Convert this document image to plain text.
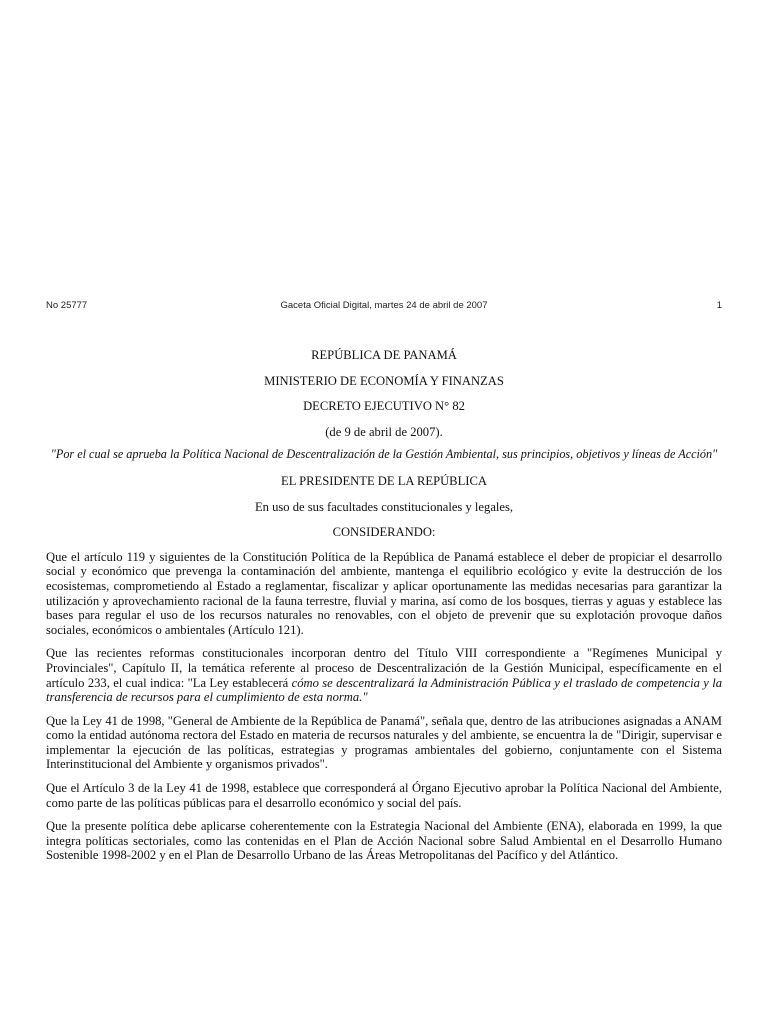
No 25777	Gaceta Oficial Digital, martes 24 de abril de 2007	1

REPÚBLICA DE PANAMÁ

MINISTERIO DE ECONOMÍA Y FINANZAS

DECRETO EJECUTIVO N° 82

(de 9 de abril de 2007).

"Por el cual se aprueba la Política Nacional de Descentralización de la Gestión Ambiental, sus principios, objetivos y líneas de Acción"

EL PRESIDENTE DE LA REPÚBLICA

En uso de sus facultades constitucionales y legales,

CONSIDERANDO:

Que el artículo 119 y siguientes de la Constitución Política de la República de Panamá establece el deber de propiciar el desarrollo social y económico que prevenga la contaminación del ambiente, mantenga el equilibrio ecológico y evite la destrucción de los ecosistemas, comprometiendo al Estado a reglamentar, fiscalizar y aplicar oportunamente las medidas necesarias para garantizar la utilización y aprovechamiento racional de la fauna terrestre, fluvial y marina, así como de los bosques, tierras y aguas y establece las bases para regular el uso de los recursos naturales no renovables, con el objeto de prevenir que su explotación provoque daños sociales, económicos o ambientales (Artículo 121).

Que las recientes reformas constitucionales incorporan dentro del Título VIII correspondiente a "Regímenes Municipal y Provinciales", Capítulo II, la temática referente al proceso de Descentralización de la Gestión Municipal, específicamente en el artículo 233, el cual indica: "La Ley establecerá cómo se descentralizará la Administración Pública y el traslado de competencia y la transferencia de recursos para el cumplimiento de esta norma."

Que la Ley 41 de 1998, "General de Ambiente de la República de Panamá", señala que, dentro de las atribuciones asignadas a ANAM como la entidad autónoma rectora del Estado en materia de recursos naturales y del ambiente, se encuentra la de "Dirigir, supervisar e implementar la ejecución de las políticas, estrategias y programas ambientales del gobierno, conjuntamente con el Sistema Interinstitucional del Ambiente y organismos privados".

Que el Artículo 3 de la Ley 41 de 1998, establece que corresponderá al Órgano Ejecutivo aprobar la Política Nacional del Ambiente, como parte de las políticas públicas para el desarrollo económico y social del país.

Que la presente política debe aplicarse coherentemente con la Estrategia Nacional del Ambiente (ENA), elaborada en 1999, la que integra políticas sectoriales, como las contenidas en el Plan de Acción Nacional sobre Salud Ambiental en el Desarrollo Humano Sostenible 1998-2002 y en el Plan de Desarrollo Urbano de las Áreas Metropolitanas del Pacífico y del Atlántico.
